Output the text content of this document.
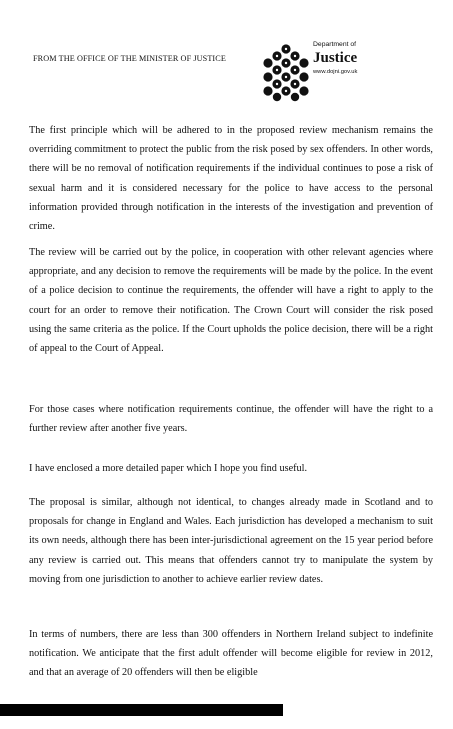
FROM THE OFFICE OF THE MINISTER OF JUSTICE
Department of
Justice
www.dojni.gov.uk

The first principle which will be adhered to in the proposed review mechanism remains the overriding commitment to protect the public from the risk posed by sex offenders. In other words, there will be no removal of notification requirements if the individual continues to pose a risk of sexual harm and it is considered necessary for the police to have access to the personal information provided through notification in the interests of the investigation and prevention of crime.

The review will be carried out by the police, in cooperation with other relevant agencies where appropriate, and any decision to remove the requirements will be made by the police. In the event of a police decision to continue the requirements, the offender will have a right to apply to the court for an order to remove their notification. The Crown Court will consider the risk posed using the same criteria as the police. If the Court upholds the police decision, there will be a right of appeal to the Court of Appeal.

For those cases where notification requirements continue, the offender will have the right to a further review after another five years.

I have enclosed a more detailed paper which I hope you find useful.

The proposal is similar, although not identical, to changes already made in Scotland and to proposals for change in England and Wales. Each jurisdiction has developed a mechanism to suit its own needs, although there has been inter-jurisdictional agreement on the 15 year period before any review is carried out. This means that offenders cannot try to manipulate the system by moving from one jurisdiction to another to achieve earlier review dates.

In terms of numbers, there are less than 300 offenders in Northern Ireland subject to indefinite notification. We anticipate that the first adult offender will become eligible for review in 2012, and that an average of 20 offenders will then be eligible
